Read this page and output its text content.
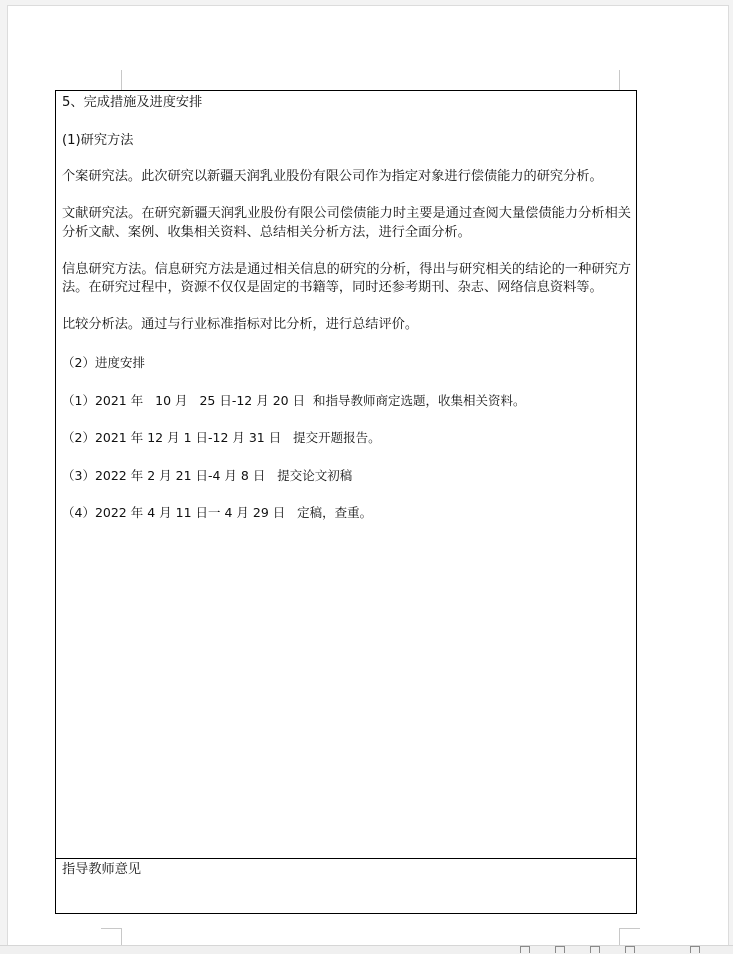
5、完成措施及进度安排

(1)研究方法

个案研究法。此次研究以新疆天润乳业股份有限公司作为指定对象进行偿债能力的研究分析。

文献研究法。在研究新疆天润乳业股份有限公司偿债能力时主要是通过查阅大量偿债能力分析相关分析文献、案例、收集相关资料、总结相关分析方法，进行全面分析。

信息研究方法。信息研究方法是通过相关信息的研究的分析，得出与研究相关的结论的一种研究方法。在研究过程中，资源不仅仅是固定的书籍等，同时还参考期刊、杂志、网络信息资料等。

比较分析法。通过与行业标准指标对比分析，进行总结评价。

（2）进度安排

（1）2021 年   10 月   25 日-12 月 20 日  和指导教师商定选题，收集相关资料。

（2）2021 年 12 月 1 日-12 月 31 日   提交开题报告。

（3）2022 年 2 月 21 日-4 月 8 日   提交论文初稿

（4）2022 年 4 月 11 日一 4 月 29 日   定稿，查重。

指导教师意见
